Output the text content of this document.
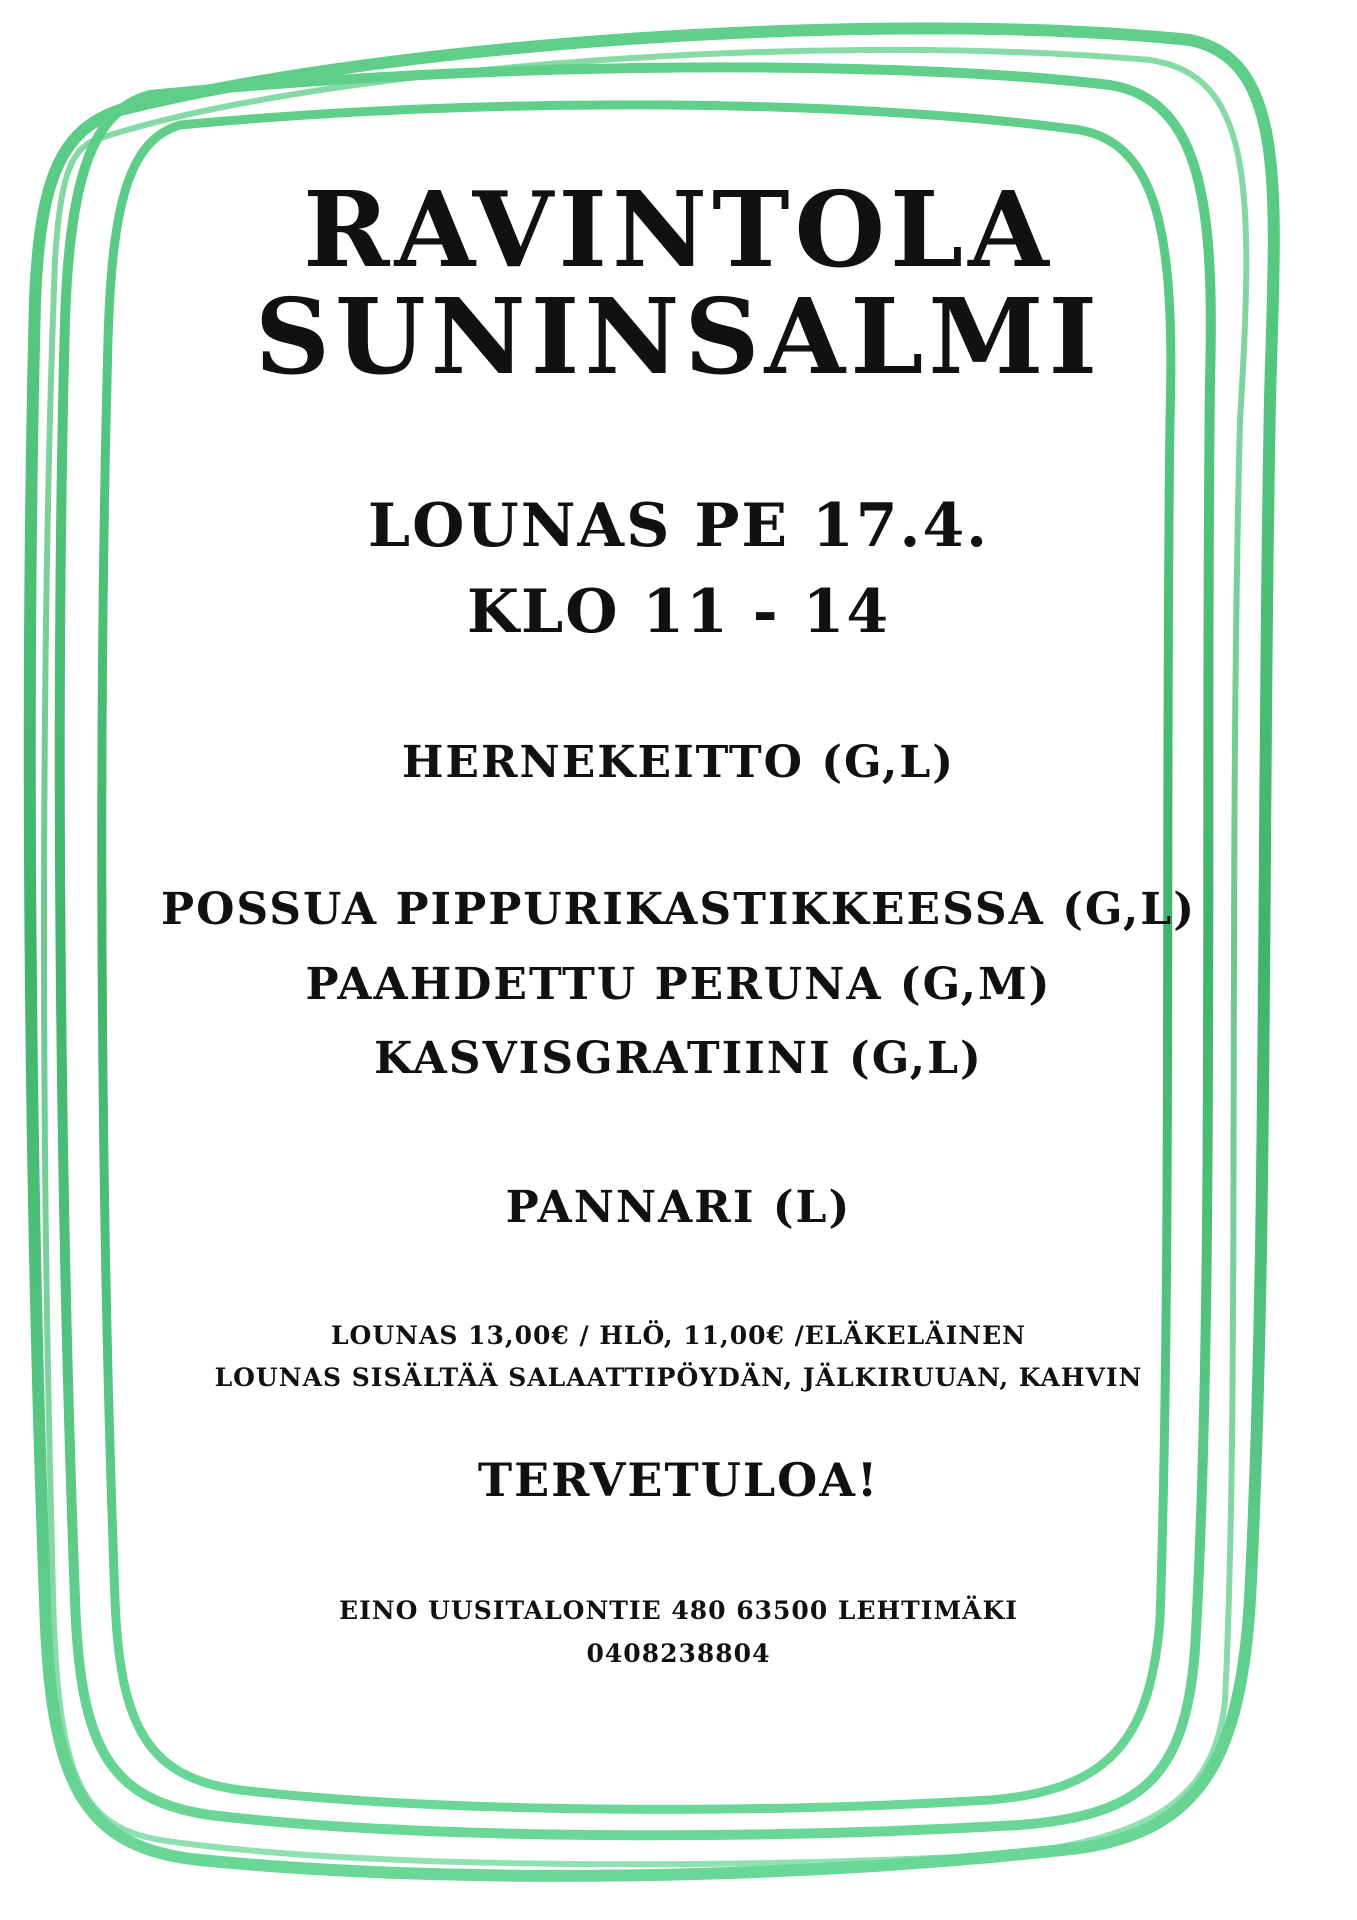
RAVINTOLA
SUNINSALMI
LOUNAS PE 17.4.
KLO 11 - 14
HERNEKEITTO (G,L)
POSSUA PIPPURIKASTIKKEESSA (G,L)
PAAHDETTU PERUNA (G,M)
KASVISGRATIINI (G,L)
PANNARI (L)
LOUNAS 13,00€ / HLÖ, 11,00€ /ELÄKELÄINEN
LOUNAS SISÄLTÄÄ SALAATTIPÖYDÄN, JÄLKIRUUAN, KAHVIN
TERVETULOA!
EINO UUSITALONTIE 480 63500 LEHTIMÄKI
0408238804
